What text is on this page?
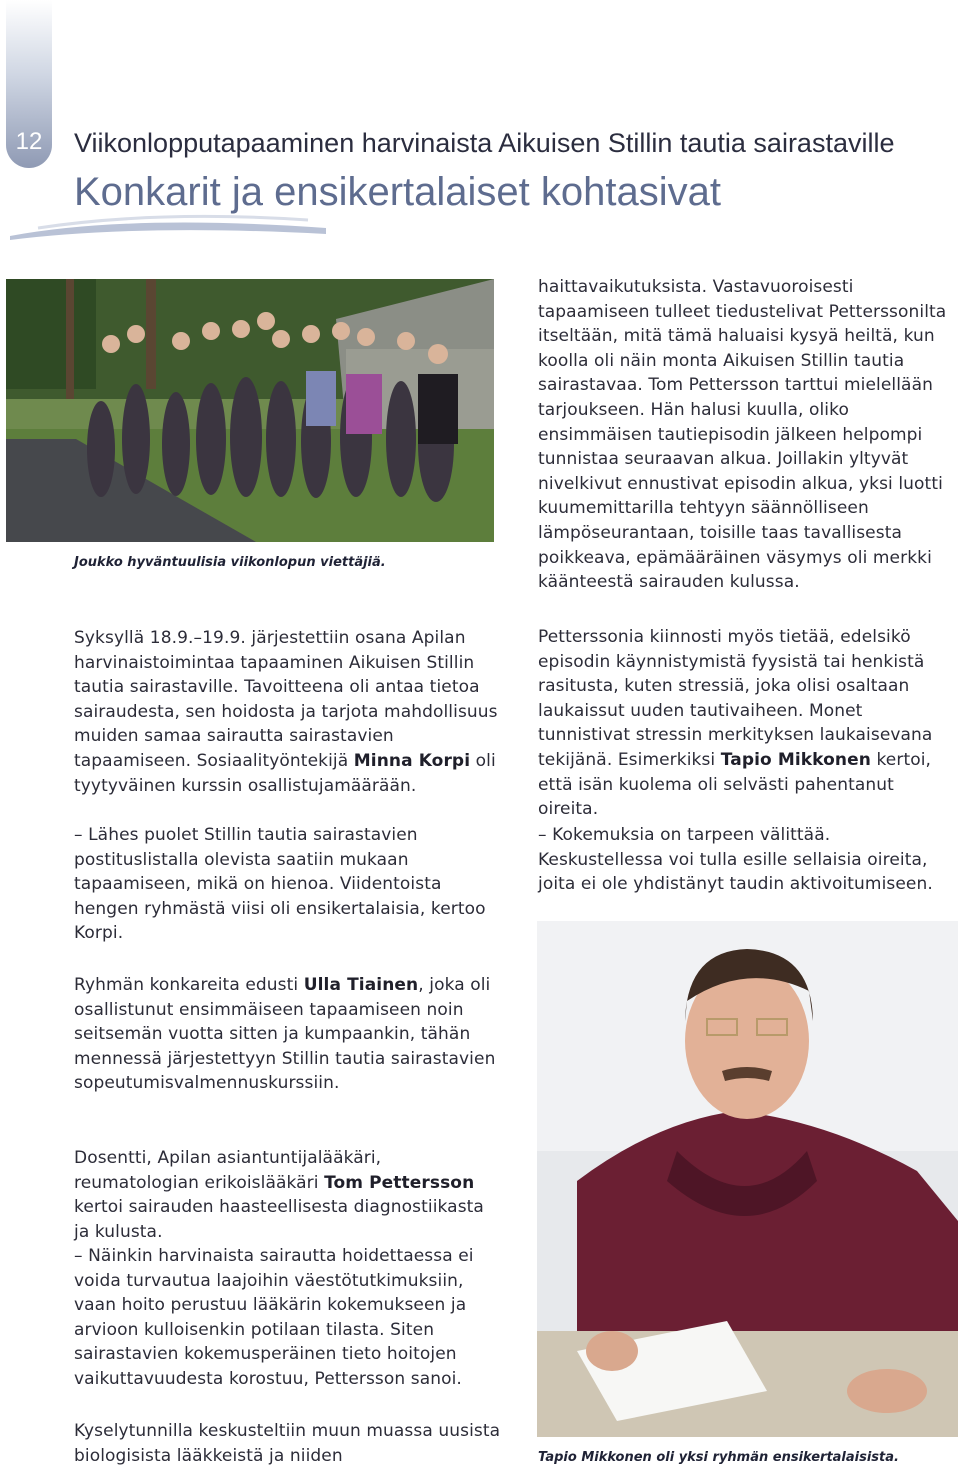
12	Viikonlopputapaaminen harvinaista Aikuisen Stillin tautia sairastaville
Konkarit ja ensikertalaiset kohtasivat
Joukko hyväntuulisia viikonlopun viettäjiä.
Tapio Mikkonen oli yksi ryhmän ensikertalaisista.

Syksyllä 18.9.–19.9. järjestettiin osana Apilan harvinaistoimintaa tapaaminen Aikuisen Stillin tautia sairastaville. Tavoitteena oli antaa tietoa sairaudesta, sen hoidosta ja tarjota mahdollisuus muiden samaa sairautta sairastavien tapaamiseen. Sosiaalityöntekijä Minna Korpi oli tyytyväinen kurssin osallistujamäärään.

– Lähes puolet Stillin tautia sairastavien postituslistalla olevista saatiin mukaan tapaamiseen, mikä on hienoa. Viidentoista hengen ryhmästä viisi oli ensikertalaisia, kertoo Korpi.

Ryhmän konkareita edusti Ulla Tiainen, joka oli osallistunut ensimmäiseen tapaamiseen noin seitsemän vuotta sitten ja kumpaankin, tähän mennessä järjestettyyn Stillin tautia sairastavien sopeutumisvalmennuskurssiin.

Dosentti, Apilan asiantuntijalääkäri, reumatologian erikoislääkäri Tom Pettersson kertoi sairauden haasteellisesta diagnostiikasta ja kulusta.

– Näinkin harvinaista sairautta hoidettaessa ei voida turvautua laajoihin väestötutkimuksiin, vaan hoito perustuu lääkärin kokemukseen ja arvioon kulloisenkin potilaan tilasta. Siten sairastavien kokemusperäinen tieto hoitojen vaikuttavuudesta korostuu, Pettersson sanoi.

Kyselytunnilla keskusteltiin muun muassa uusista biologisista lääkkeistä ja niiden

haittavaikutuksista. Vastavuoroisesti tapaamiseen tulleet tiedustelivat Petterssonilta itseltään, mitä tämä haluaisi kysyä heiltä, kun koolla oli näin monta Aikuisen Stillin tautia sairastavaa. Tom Pettersson tarttui mielellään tarjoukseen. Hän halusi kuulla, oliko ensimmäisen tautiepisodin jälkeen helpompi tunnistaa seuraavan alkua. Joillakin yltyvät nivelkivut ennustivat episodin alkua, yksi luotti kuumemittarilla tehtyyn säännölliseen lämpöseurantaan, toisille taas tavallisesta poikkeava, epämääräinen väsymys oli merkki käänteestä sairauden kulussa.

Petterssonia kiinnosti myös tietää, edelsikö episodin käynnistymistä fyysistä tai henkistä rasitusta, kuten stressiä, joka olisi osaltaan laukaissut uuden tautivaiheen. Monet tunnistivat stressin merkityksen laukaisevana tekijänä. Esimerkiksi Tapio Mikkonen kertoi, että isän kuolema oli selvästi pahentanut oireita.

– Kokemuksia on tarpeen välittää. Keskustellessa voi tulla esille sellaisia oireita, joita ei ole yhdistänyt taudin aktivoitumiseen.
